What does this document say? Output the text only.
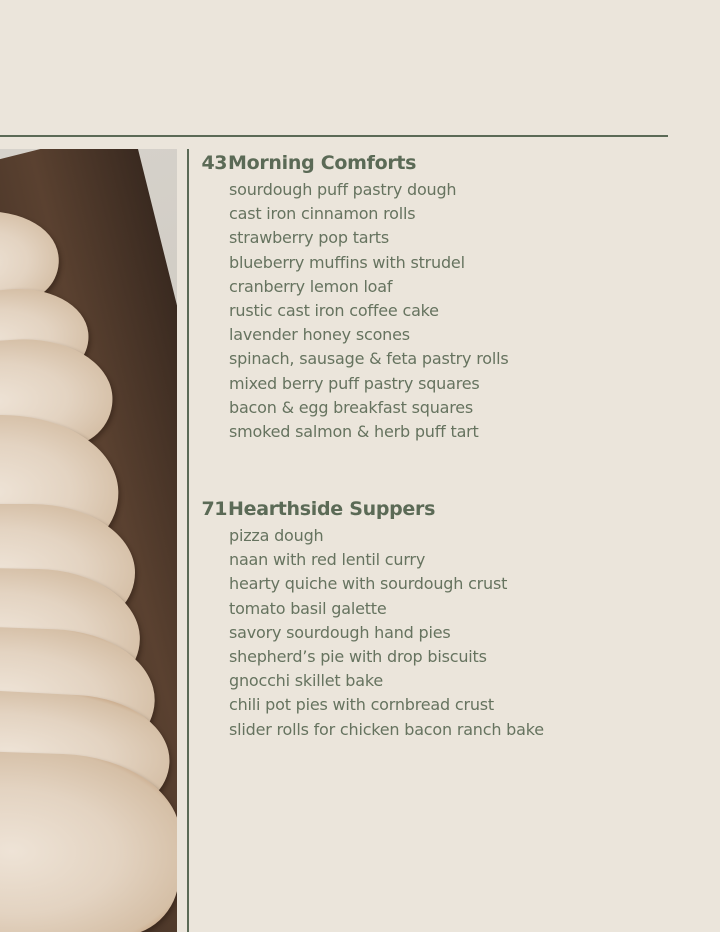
43 Morning Comforts
sourdough puff pastry dough
cast iron cinnamon rolls
strawberry pop tarts
blueberry muffins with strudel
cranberry lemon loaf
rustic cast iron coffee cake
lavender honey scones
spinach, sausage & feta pastry rolls
mixed berry puff pastry squares
bacon & egg breakfast squares
smoked salmon & herb puff tart
71 Hearthside Suppers
pizza dough
naan with red lentil curry
hearty quiche with sourdough crust
tomato basil galette
savory sourdough hand pies
shepherd’s pie with drop biscuits
gnocchi skillet bake
chili pot pies with cornbread crust
slider rolls for chicken bacon ranch bake
